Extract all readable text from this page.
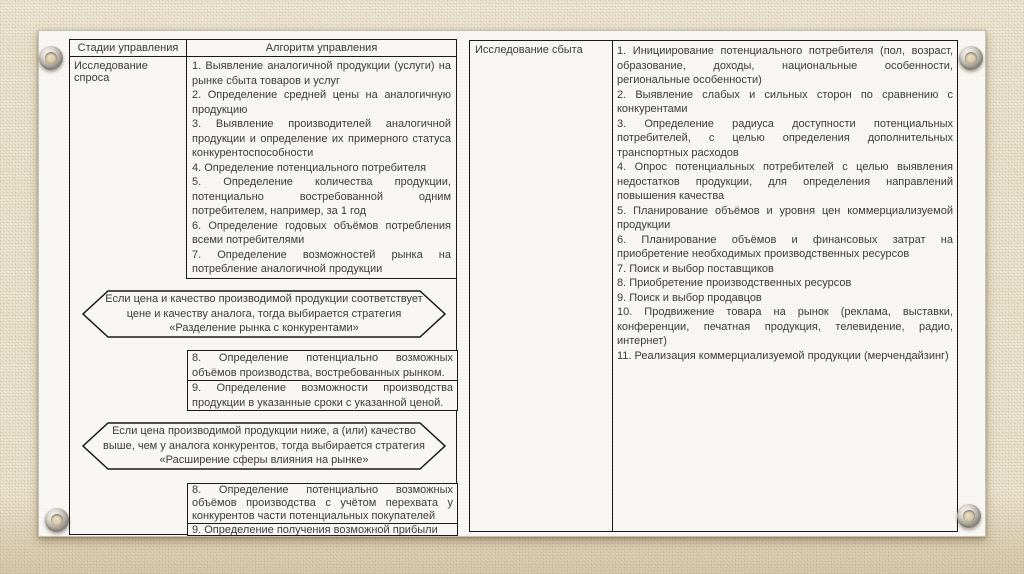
Стадии управления	Алгоритм управления
Исследование спроса
1. Выявление аналогичной продукции (услуги) на рынке сбыта товаров и услуг
2. Определение средней цены на аналогичную продукцию
3. Выявление производителей аналогичной продукции и определение их примерного статуса конкурентоспособности
4. Определение потенциального потребителя
5. Определение количества продукции, потенциально востребованной одним потребителем, например, за 1 год
6. Определение годовых объёмов потребления всеми потребителями
7. Определение возможностей рынка на потребление аналогичной продукции
Если цена и качество производимой продукции соответствует
цене и качеству аналога, тогда выбирается стратегия
«Разделение рынка с конкурентами»
8. Определение потенциально возможных объёмов производства, востребованных рынком.
9. Определение возможности производства продукции в указанные сроки с указанной ценой.
Если цена производимой продукции ниже, а (или) качество
выше, чем у аналога конкурентов, тогда выбирается стратегия
«Расширение сферы влияния на рынке»
8. Определение потенциально возможных объёмов производства с учётом перехвата у конкурентов части потенциальных покупателей
9. Определение получения возможной прибыли
Исследование сбыта	1. Инициирование потенциального потребителя (пол, возраст, образование, доходы, национальные особенности, региональные особенности)
2. Выявление слабых и сильных сторон по сравнению с конкурентами
3. Определение радиуса доступности потенциальных потребителей, с целью определения дополнительных транспортных расходов
4. Опрос потенциальных потребителей с целью выявления недостатков продукции, для определения направлений повышения качества
5. Планирование объёмов и уровня цен коммерциализуемой продукции
6. Планирование объёмов и финансовых затрат на приобретение необходимых производственных ресурсов
7. Поиск и выбор поставщиков
8. Приобретение производственных ресурсов
9. Поиск и выбор продавцов
10. Продвижение товара на рынок (реклама, выставки, конференции, печатная продукция, телевидение, радио, интернет)
11. Реализация коммерциализуемой продукции (мерчендайзинг)
